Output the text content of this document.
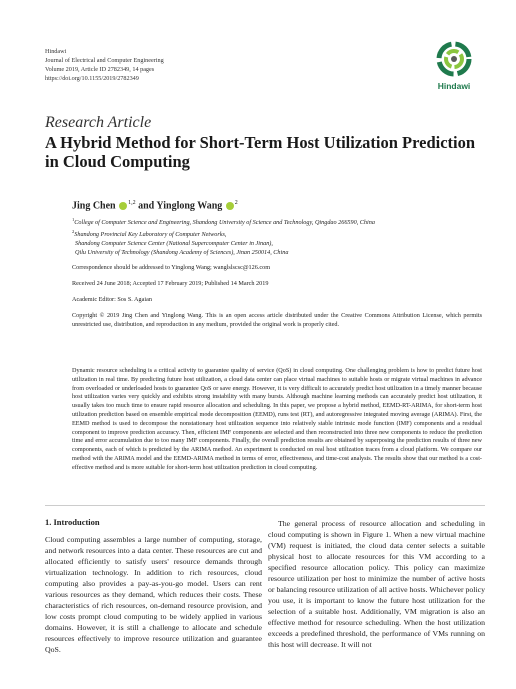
Hindawi
Journal of Electrical and Computer Engineering
Volume 2019, Article ID 2782349, 14 pages
https://doi.org/10.1155/2019/2782349
Hindawi
Research Article
A Hybrid Method for Short-Term Host Utilization Prediction in Cloud Computing
Jing Chen $^{1,2}$ and Yinglong Wang $^2$
$^1$College of Computer Science and Engineering, Shandong University of Science and Technology, Qingdao 266590, China
$^2$Shandong Provincial Key Laboratory of Computer Networks,
Shandong Computer Science Center (National Supercomputer Center in Jinan),
Qilu University of Technology (Shandong Academy of Sciences), Jinan 250014, China
Correspondence should be addressed to Yinglong Wang; wanglslscsc@126.com
Received 24 June 2018; Accepted 17 February 2019; Published 14 March 2019
Academic Editor: Sos S. Agaian
Copyright © 2019 Jing Chen and Yinglong Wang. This is an open access article distributed under the Creative Commons Attribution License, which permits unrestricted use, distribution, and reproduction in any medium, provided the original work is properly cited.
Dynamic resource scheduling is a critical activity to guarantee quality of service (QoS) in cloud computing. One challenging problem is how to predict future host utilization in real time. By predicting future host utilization, a cloud data center can place virtual machines to suitable hosts or migrate virtual machines in advance from overloaded or underloaded hosts to guarantee QoS or save energy. However, it is very difficult to accurately predict host utilization in a timely manner because host utilization varies very quickly and exhibits strong instability with many bursts. Although machine learning methods can accurately predict host utilization, it usually takes too much time to ensure rapid resource allocation and scheduling. In this paper, we propose a hybrid method, EEMD-RT-ARIMA, for short-term host utilization prediction based on ensemble empirical mode decomposition (EEMD), runs test (RT), and autoregressive integrated moving average (ARIMA). First, the EEMD method is used to decompose the nonstationary host utilization sequence into relatively stable intrinsic mode function (IMF) components and a residual component to improve prediction accuracy. Then, efficient IMF components are selected and then reconstructed into three new components to reduce the prediction time and error accumulation due to too many IMF components. Finally, the overall prediction results are obtained by superposing the prediction results of three new components, each of which is predicted by the ARIMA method. An experiment is conducted on real host utilization traces from a cloud platform. We compare our method with the ARIMA model and the EEMD-ARIMA method in terms of error, effectiveness, and time-cost analysis. The results show that our method is a cost-effective method and is more suitable for short-term host utilization prediction in cloud computing.
1. Introduction
Cloud computing assembles a large number of computing, storage, and network resources into a data center. These resources are cut and allocated efficiently to satisfy users' resource demands through virtualization technology. In addition to rich resources, cloud computing also provides a pay-as-you-go model. Users can rent various resources as they demand, which reduces their costs. These characteristics of rich resources, on-demand resource provision, and low costs prompt cloud computing to be widely applied in various domains. However, it is still a challenge to allocate and schedule resources effectively to improve resource utilization and guarantee QoS.
The general process of resource allocation and scheduling in cloud computing is shown in Figure 1. When a new virtual machine (VM) request is initiated, the cloud data center selects a suitable physical host to allocate resources for this VM according to a specified resource allocation policy. This policy can maximize resource utilization per host to minimize the number of active hosts or balancing resource utilization of all active hosts. Whichever policy you use, it is important to know the future host utilization for the selection of a suitable host. Additionally, VM migration is also an effective method for resource scheduling. When the host utilization exceeds a predefined threshold, the performance of VMs running on this host will decrease. It will not
